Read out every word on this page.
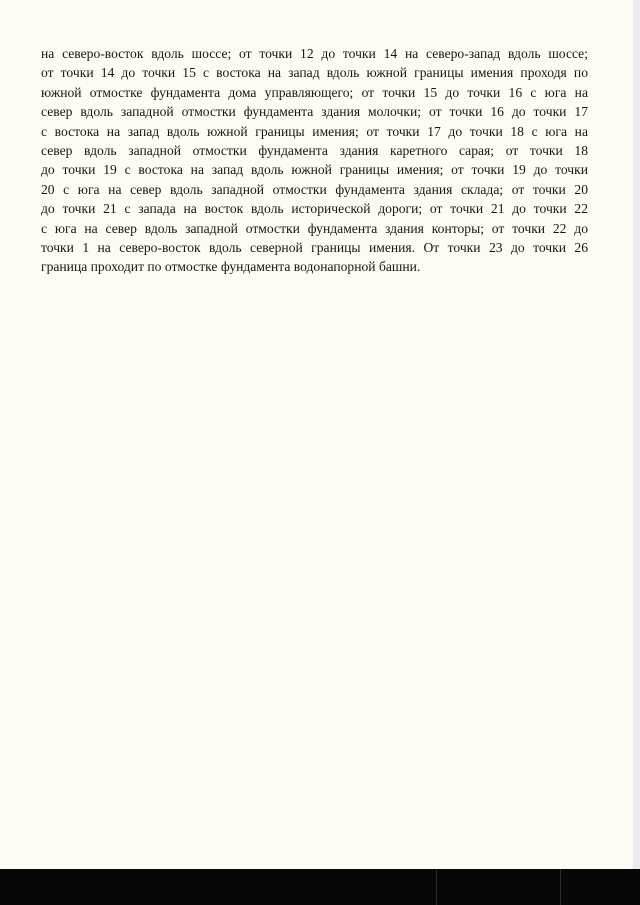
на северо-восток вдоль шоссе; от точки 12 до точки 14 на северо-запад вдоль шоссе;
от точки 14 до точки 15 с востока на запад вдоль южной границы имения проходя по
южной отмостке фундамента дома управляющего; от точки 15 до точки 16 с юга на
север вдоль западной отмостки фундамента здания молочки; от точки 16 до точки 17
с востока на запад вдоль южной границы имения; от точки 17 до точки 18 с юга на
север вдоль западной отмостки фундамента здания каретного сарая; от точки 18
до точки 19 с востока на запад вдоль южной границы имения; от точки 19 до точки
20 с юга на север вдоль западной отмостки фундамента здания склада; от точки 20
до точки 21 с запада на восток вдоль исторической дороги; от точки 21 до точки 22
с юга на север вдоль западной отмостки фундамента здания конторы; от точки 22 до
точки 1 на северо-восток вдоль северной границы имения. От точки 23 до точки 26
граница проходит по отмостке фундамента водонапорной башни.
